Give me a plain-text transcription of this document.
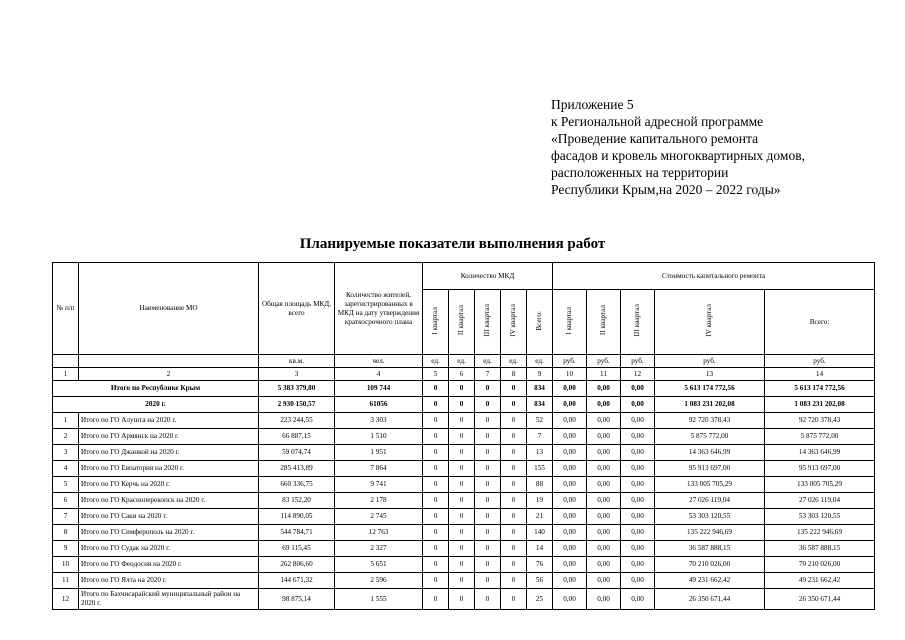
Приложение 5
к Региональной адресной программе
«Проведение капитального ремонта
фасадов и кровель многоквартирных домов,
расположенных на территории
Республики Крым,на 2020 – 2022 годы»
Планируемые показатели выполнения работ
№ п/п	Наименование МО	Общая площадь МКД, всего	Количество жителей, зарегистрированных в МКД на дату утверждения краткосрочного плана	Количество МКД					Стоимость капитального ремонта				
				I квартал	II квартал	III квартал	IV квартал	Всего:	I квартал	II квартал	III квартал	IV квартал	Всего:
		кв.м.	чел.	ед.	ед.	ед.	ед.	ед.	руб.	руб.	руб.	руб.	руб.
1	2	3	4	5	6	7	8	9	10	11	12	13	14
Итого по Республике Крым		5 383 379,80	109 744	0	0	0	0	834	0,00	0,00	0,00	5 613 174 772,56	5 613 174 772,56
2020 г.		2 930 150,57	61056	0	0	0	0	834	0,00	0,00	0,00	1 083 231 202,08	1 083 231 202,08
1	Итого по ГО Алушта на 2020 г.	223 244,55	3 303	0	0	0	0	52	0,00	0,00	0,00	92 720 378,43	92 720 378,43
2	Итого по ГО Армянск на 2020 г.	66 887,15	1 510	0	0	0	0	7	0,00	0,00	0,00	5 875 772,00	5 875 772,00
3	Итого по ГО Джанкой на 2020 г.	59 074,74	1 951	0	0	0	0	13	0,00	0,00	0,00	14 363 646,99	14 363 646,99
4	Итого по ГО Евпатория на 2020 г.	285 413,89	7 864	0	0	0	0	155	0,00	0,00	0,00	95 913 697,00	95 913 697,00
5	Итого по ГО Керчь на 2020 г.	660 336,75	9 741	0	0	0	0	88	0,00	0,00	0,00	133 005 705,29	133 005 705,29
6	Итого по ГО Красноперекопск на 2020 г.	83 152,20	2 178	0	0	0	0	19	0,00	0,00	0,00	27 026 119,04	27 026 119,04
7	Итого по ГО Саки на 2020 г.	114 890,05	2 745	0	0	0	0	21	0,00	0,00	0,00	53 303 120,55	53 303 120,55
8	Итого по ГО Симферополь на 2020 г.	544 784,71	12 763	0	0	0	0	140	0,00	0,00	0,00	135 222 946,69	135 222 946,69
9	Итого по ГО Судак на 2020 г.	69 115,45	2 327	0	0	0	0	14	0,00	0,00	0,00	36 587 888,15	36 587 888,15
10	Итого по ГО Феодосия на 2020 г.	262 806,60	5 651	0	0	0	0	76	0,00	0,00	0,00	70 210 026,00	70 210 026,00
11	Итого по ГО Ялта на 2020 г.	144 671,32	2 596	0	0	0	0	56	0,00	0,00	0,00	49 231 662,42	49 231 662,42
12	Итого по Бахчисарайский муниципальный район на 2020 г.	98 875,14	1 555	0	0	0	0	25	0,00	0,00	0,00	26 350 671,44	26 350 671,44
